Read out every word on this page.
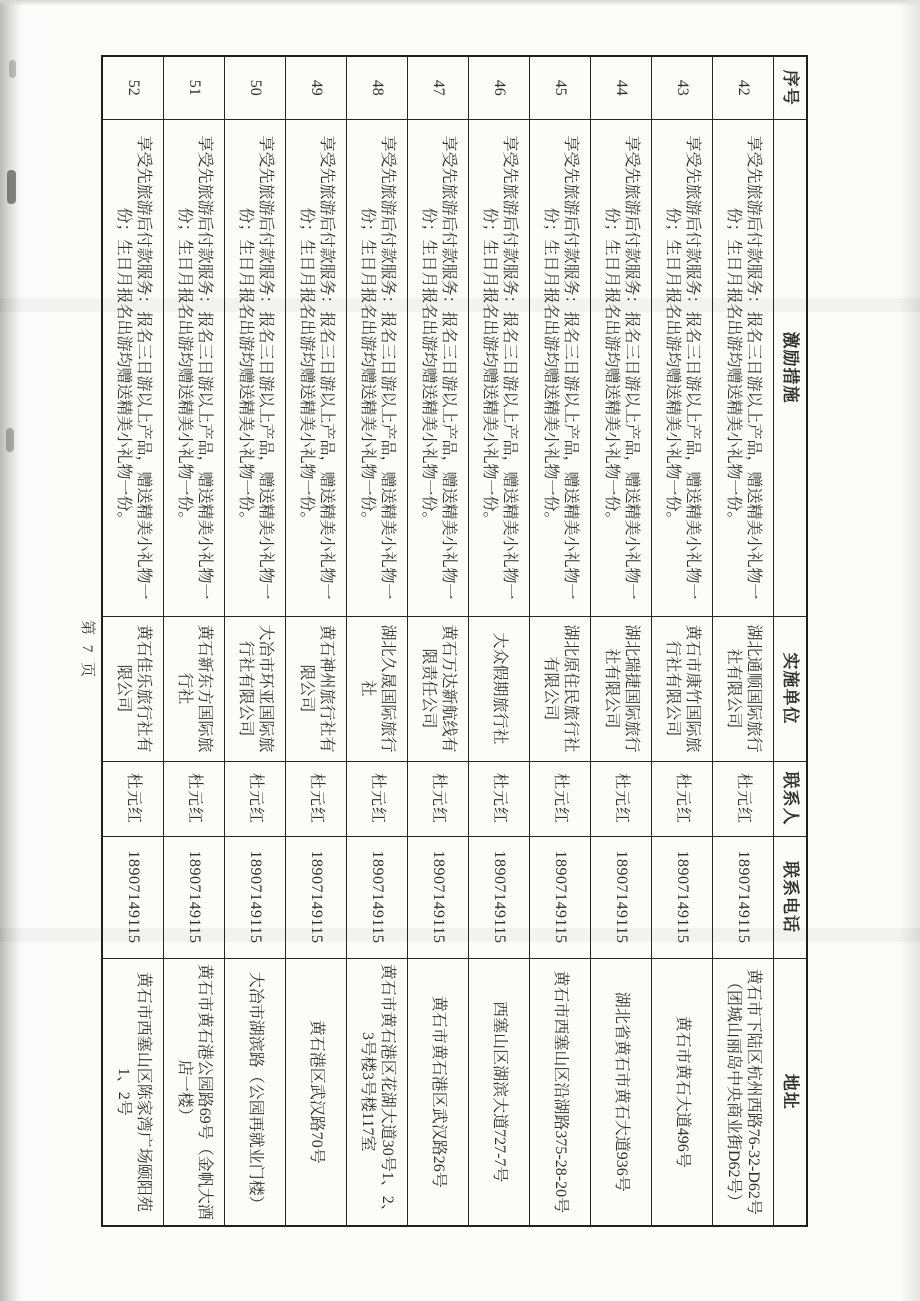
序号	激励措施	实施单位	联系人	联系电话	地址
42	享受先旅游后付款服务：报名三日游以上产品，赠送精美小礼物一份；生日月报名出游均赠送精美小礼物一份。	湖北通顺国际旅行社有限公司	杜元红	18907149115	黄石市下陆区杭州西路76-32-D62号（团城山丽岛中央商业街D62号）
43	享受先旅游后付款服务：报名三日游以上产品，赠送精美小礼物一份；生日月报名出游均赠送精美小礼物一份。	黄石市康竹国际旅行社有限公司	杜元红	18907149115	黄石市黄石大道496号
44	享受先旅游后付款服务：报名三日游以上产品，赠送精美小礼物一份；生日月报名出游均赠送精美小礼物一份。	湖北瑞捷国际旅行社有限公司	杜元红	18907149115	湖北省黄石市黄石大道936号
45	享受先旅游后付款服务：报名三日游以上产品，赠送精美小礼物一份；生日月报名出游均赠送精美小礼物一份。	湖北原住民旅行社有限公司	杜元红	18907149115	黄石市西塞山区沿湖路375-28-20号
46	享受先旅游后付款服务：报名三日游以上产品，赠送精美小礼物一份；生日月报名出游均赠送精美小礼物一份。	大众假期旅行社	杜元红	18907149115	西塞山区湖滨大道727-7号
47	享受先旅游后付款服务：报名三日游以上产品，赠送精美小礼物一份；生日月报名出游均赠送精美小礼物一份。	黄石万达新航线有限责任公司	杜元红	18907149115	黄石市黄石港区武汉路26号
48	享受先旅游后付款服务：报名三日游以上产品，赠送精美小礼物一份；生日月报名出游均赠送精美小礼物一份。	湖北久晟国际旅行社	杜元红	18907149115	黄石市黄石港区花湖大道30号1、2、3号楼3号楼117室
49	享受先旅游后付款服务：报名三日游以上产品，赠送精美小礼物一份；生日月报名出游均赠送精美小礼物一份。	黄石神州旅行社有限公司	杜元红	18907149115	黄石港区武汉路70号
50	享受先旅游后付款服务：报名三日游以上产品，赠送精美小礼物一份；生日月报名出游均赠送精美小礼物一份。	大冶市环亚国际旅行社有限公司	杜元红	18907149115	大冶市湖滨路（公园再就业门楼）
51	享受先旅游后付款服务：报名三日游以上产品，赠送精美小礼物一份；生日月报名出游均赠送精美小礼物一份。	黄石新东方国际旅行社	杜元红	18907149115	黄石市黄石港公园路69号（金帆大酒店一楼）
52	享受先旅游后付款服务：报名三日游以上产品，赠送精美小礼物一份；生日月报名出游均赠送精美小礼物一份。	黄石佳乐旅行社有限公司	杜元红	18907149115	黄石市西塞山区陈家湾广场颐阳苑1、2号
第 7 页
